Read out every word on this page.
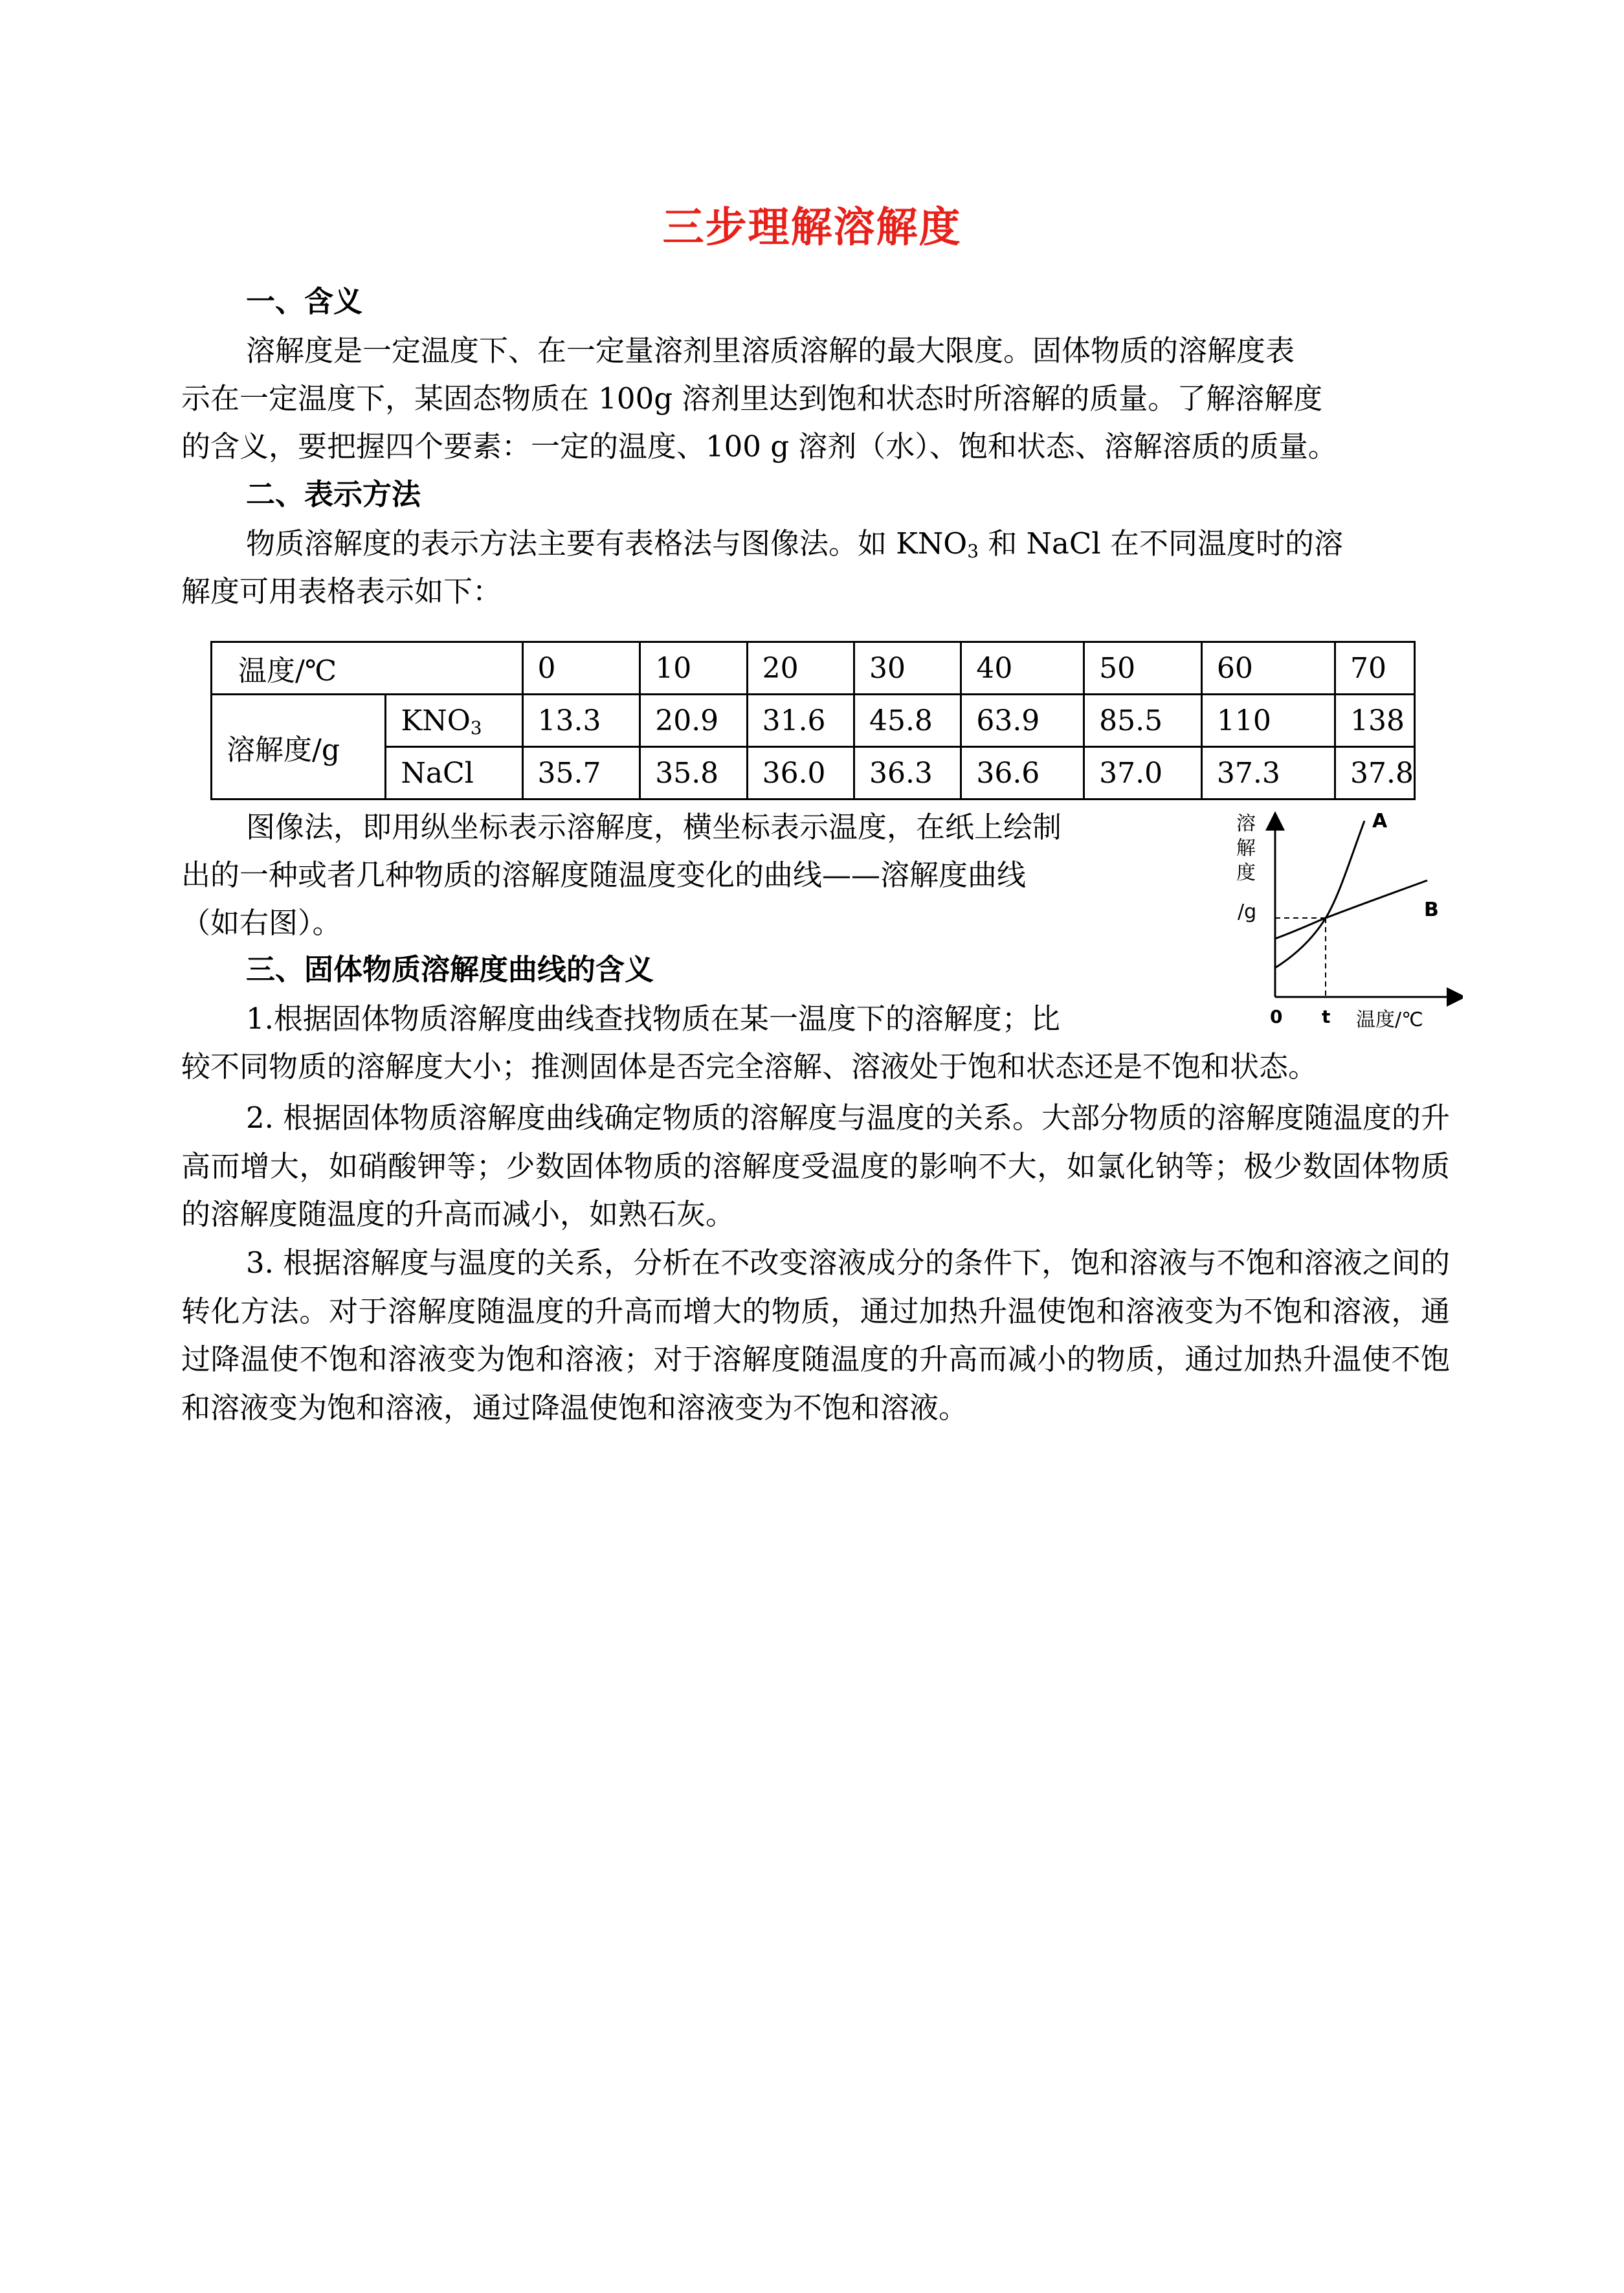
三步理解溶解度
一、含义
溶解度是一定温度下、在一定量溶剂里溶质溶解的最大限度。固体物质的溶解度表
示在一定温度下，某固态物质在 100g 溶剂里达到饱和状态时所溶解的质量。了解溶解度
的含义，要把握四个要素：一定的温度、100 g 溶剂（水）、饱和状态、溶解溶质的质量。
二、表示方法
物质溶解度的表示方法主要有表格法与图像法。如 $KNO_3$ 和 NaCl 在不同温度时的溶
解度可用表格表示如下：
温度/℃		0	10	20	30	40	50	60	70
溶解度/g	$KNO_3$	13.3	20.9	31.6	45.8	63.9	85.5	110	138
	NaCl	35.7	35.8	36.0	36.3	36.6	37.0	37.3	37.8
图像法，即用纵坐标表示溶解度，横坐标表示温度，在纸上绘制
出的一种或者几种物质的溶解度随温度变化的曲线——溶解度曲线
（如右图）。
溶
解
度
/g
A
B
0 t 温度/℃
三、固体物质溶解度曲线的含义
1.根据固体物质溶解度曲线查找物质在某一温度下的溶解度；比
较不同物质的溶解度大小；推测固体是否完全溶解、溶液处于饱和状态还是不饱和状态。
2. 根据固体物质溶解度曲线确定物质的溶解度与温度的关系。大部分物质的溶解度随温度的升高而增大，如硝酸钾等；少数固体物质的溶解度受温度的影响不大，如氯化钠等；极少数固体物质的溶解度随温度的升高而减小，如熟石灰。
3. 根据溶解度与温度的关系，分析在不改变溶液成分的条件下，饱和溶液与不饱和溶液之间的转化方法。对于溶解度随温度的升高而增大的物质，通过加热升温使饱和溶液变为不饱和溶液，通过降温使不饱和溶液变为饱和溶液；对于溶解度随温度的升高而减小的物质，通过加热升温使不饱和溶液变为饱和溶液，通过降温使饱和溶液变为不饱和溶液。
